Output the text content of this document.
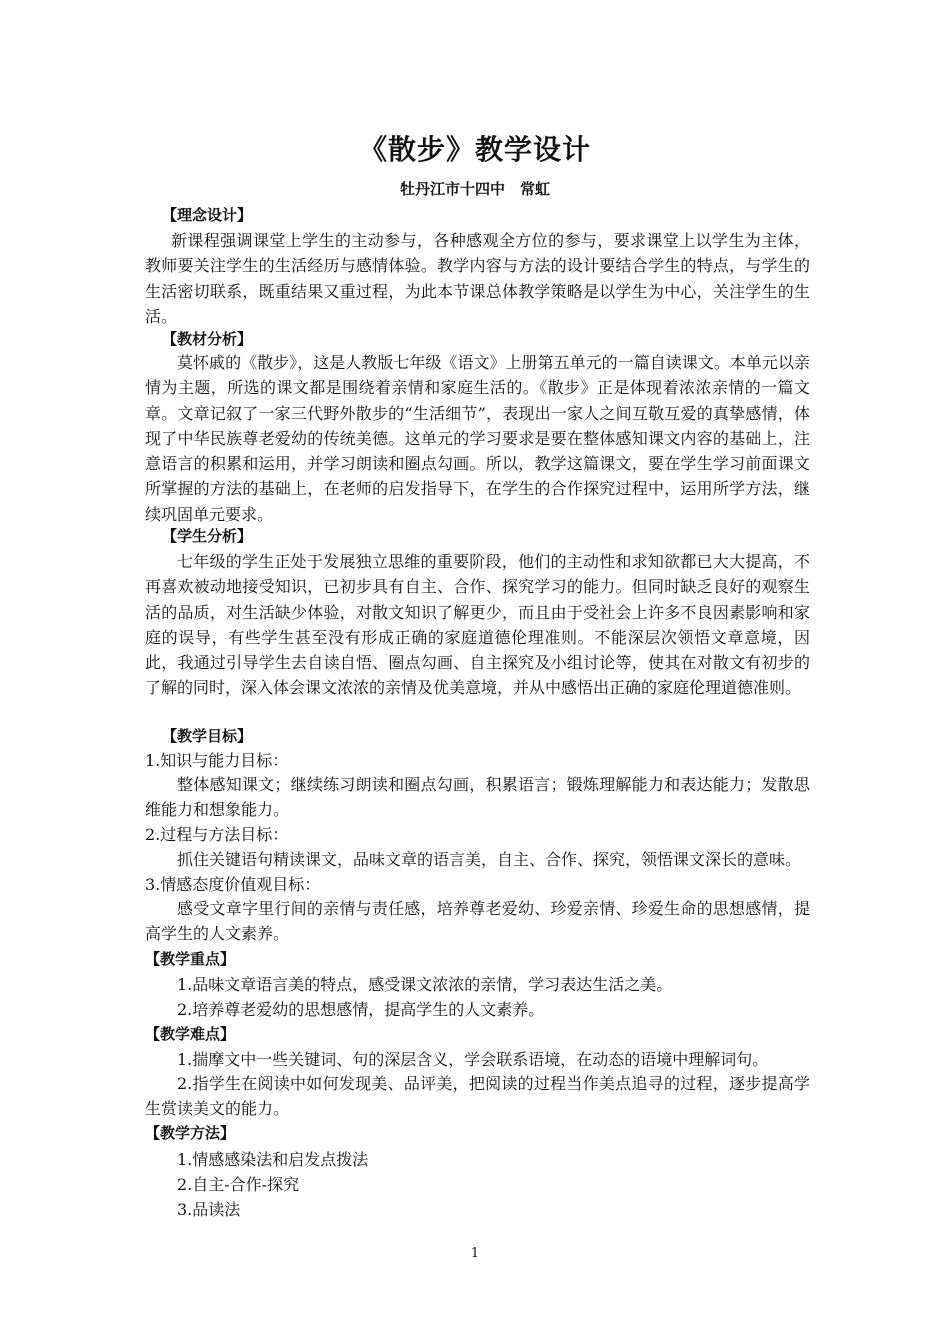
《散步》教学设计
牡丹江市十四中　常虹
【理念设计】
新课程强调课堂上学生的主动参与，各种感观全方位的参与，要求课堂上以学生为主体，教师要关注学生的生活经历与感情体验。教学内容与方法的设计要结合学生的特点，与学生的生活密切联系，既重结果又重过程，为此本节课总体教学策略是以学生为中心，关注学生的生活。
【教材分析】
莫怀戚的《散步》，这是人教版七年级《语文》上册第五单元的一篇自读课文。本单元以亲情为主题，所选的课文都是围绕着亲情和家庭生活的。《散步》正是体现着浓浓亲情的一篇文章。文章记叙了一家三代野外散步的“生活细节”，表现出一家人之间互敬互爱的真挚感情，体现了中华民族尊老爱幼的传统美德。这单元的学习要求是要在整体感知课文内容的基础上，注意语言的积累和运用，并学习朗读和圈点勾画。所以，教学这篇课文，要在学生学习前面课文所掌握的方法的基础上，在老师的启发指导下，在学生的合作探究过程中，运用所学方法，继续巩固单元要求。
【学生分析】
七年级的学生正处于发展独立思维的重要阶段，他们的主动性和求知欲都已大大提高，不再喜欢被动地接受知识，已初步具有自主、合作、探究学习的能力。但同时缺乏良好的观察生活的品质，对生活缺少体验，对散文知识了解更少，而且由于受社会上许多不良因素影响和家庭的误导，有些学生甚至没有形成正确的家庭道德伦理准则。不能深层次领悟文章意境，因此，我通过引导学生去自读自悟、圈点勾画、自主探究及小组讨论等，使其在对散文有初步的了解的同时，深入体会课文浓浓的亲情及优美意境，并从中感悟出正确的家庭伦理道德准则。
【教学目标】
1.知识与能力目标：
整体感知课文；继续练习朗读和圈点勾画，积累语言；锻炼理解能力和表达能力；发散思维能力和想象能力。
2.过程与方法目标：
抓住关键语句精读课文，品味文章的语言美，自主、合作、探究，领悟课文深长的意味。
3.情感态度价值观目标：
感受文章字里行间的亲情与责任感，培养尊老爱幼、珍爱亲情、珍爱生命的思想感情，提高学生的人文素养。
【教学重点】
1.品味文章语言美的特点，感受课文浓浓的亲情，学习表达生活之美。
2.培养尊老爱幼的思想感情，提高学生的人文素养。
【教学难点】
1.揣摩文中一些关键词、句的深层含义，学会联系语境，在动态的语境中理解词句。
2.指学生在阅读中如何发现美、品评美，把阅读的过程当作美点追寻的过程，逐步提高学生赏读美文的能力。
【教学方法】
1.情感感染法和启发点拨法
2.自主-合作-探究
3.品读法
1
